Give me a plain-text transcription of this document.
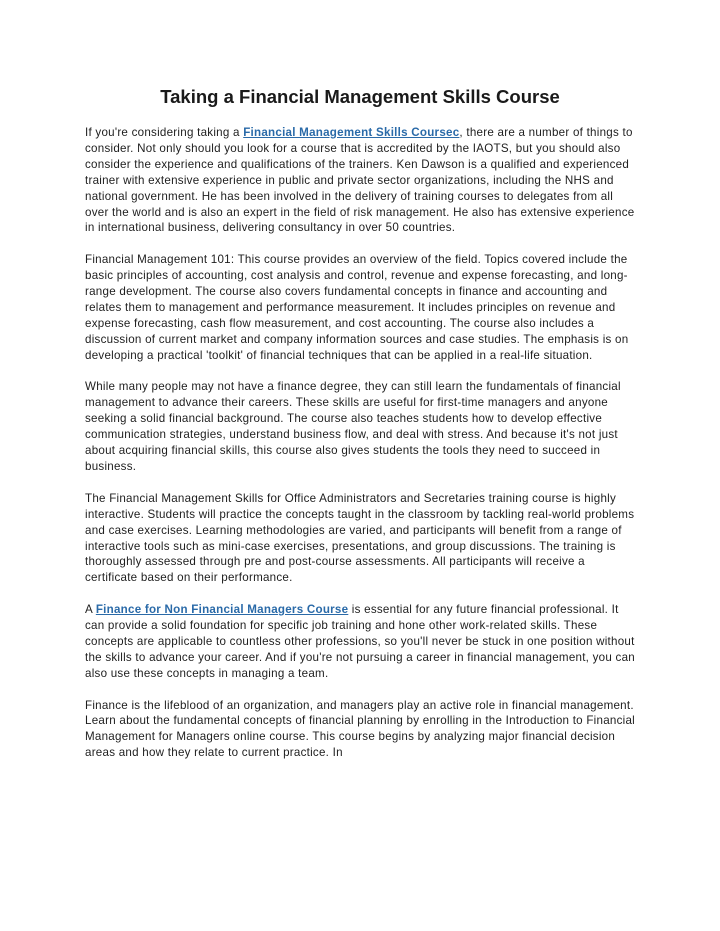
Taking a Financial Management Skills Course

If you're considering taking a Financial Management Skills Coursec, there are a number of things to consider. Not only should you look for a course that is accredited by the IAOTS, but you should also consider the experience and qualifications of the trainers. Ken Dawson is a qualified and experienced trainer with extensive experience in public and private sector organizations, including the NHS and national government. He has been involved in the delivery of training courses to delegates from all over the world and is also an expert in the field of risk management. He also has extensive experience in international business, delivering consultancy in over 50 countries.

Financial Management 101: This course provides an overview of the field. Topics covered include the basic principles of accounting, cost analysis and control, revenue and expense forecasting, and long-range development. The course also covers fundamental concepts in finance and accounting and relates them to management and performance measurement. It includes principles on revenue and expense forecasting, cash flow measurement, and cost accounting. The course also includes a discussion of current market and company information sources and case studies. The emphasis is on developing a practical 'toolkit' of financial techniques that can be applied in a real-life situation.

While many people may not have a finance degree, they can still learn the fundamentals of financial management to advance their careers. These skills are useful for first-time managers and anyone seeking a solid financial background. The course also teaches students how to develop effective communication strategies, understand business flow, and deal with stress. And because it's not just about acquiring financial skills, this course also gives students the tools they need to succeed in business.

The Financial Management Skills for Office Administrators and Secretaries training course is highly interactive. Students will practice the concepts taught in the classroom by tackling real-world problems and case exercises. Learning methodologies are varied, and participants will benefit from a range of interactive tools such as mini-case exercises, presentations, and group discussions. The training is thoroughly assessed through pre and post-course assessments. All participants will receive a certificate based on their performance.

A Finance for Non Financial Managers Course is essential for any future financial professional. It can provide a solid foundation for specific job training and hone other work-related skills. These concepts are applicable to countless other professions, so you'll never be stuck in one position without the skills to advance your career. And if you're not pursuing a career in financial management, you can also use these concepts in managing a team.

Finance is the lifeblood of an organization, and managers play an active role in financial management. Learn about the fundamental concepts of financial planning by enrolling in the Introduction to Financial Management for Managers online course. This course begins by analyzing major financial decision areas and how they relate to current practice. In
